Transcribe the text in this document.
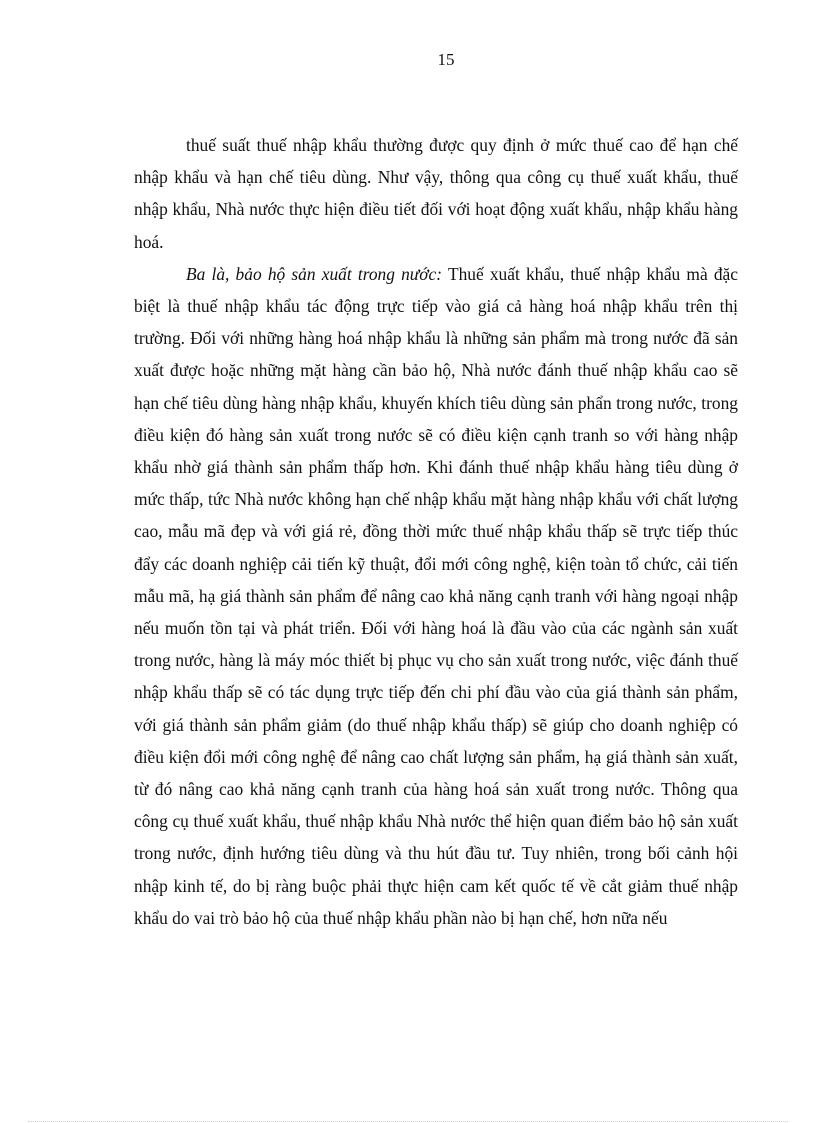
15

thuế suất thuế nhập khẩu thường được quy định ở mức thuế cao để hạn chế nhập khẩu và hạn chế tiêu dùng. Như vậy, thông qua công cụ thuế xuất khẩu, thuế nhập khẩu, Nhà nước thực hiện điều tiết đối với hoạt động xuất khẩu, nhập khẩu hàng hoá.

Ba là, bảo hộ sản xuất trong nước: Thuế xuất khẩu, thuế nhập khẩu mà đặc biệt là thuế nhập khẩu tác động trực tiếp vào giá cả hàng hoá nhập khẩu trên thị trường. Đối với những hàng hoá nhập khẩu là những sản phẩm mà trong nước đã sản xuất được hoặc những mặt hàng cần bảo hộ, Nhà nước đánh thuế nhập khẩu cao sẽ hạn chế tiêu dùng hàng nhập khẩu, khuyến khích tiêu dùng sản phẩn trong nước, trong điều kiện đó hàng sản xuất trong nước sẽ có điều kiện cạnh tranh so với hàng nhập khẩu nhờ giá thành sản phẩm thấp hơn. Khi đánh thuế nhập khẩu hàng tiêu dùng ở mức thấp, tức Nhà nước không hạn chế nhập khẩu mặt hàng nhập khẩu với chất lượng cao, mẫu mã đẹp và với giá rẻ, đồng thời mức thuế nhập khẩu thấp sẽ trực tiếp thúc đẩy các doanh nghiệp cải tiến kỹ thuật, đổi mới công nghệ, kiện toàn tổ chức, cải tiến mẫu mã, hạ giá thành sản phẩm để nâng cao khả năng cạnh tranh với hàng ngoại nhập nếu muốn tồn tại và phát triển. Đối với hàng hoá là đầu vào của các ngành sản xuất trong nước, hàng là máy móc thiết bị phục vụ cho sản xuất trong nước, việc đánh thuế nhập khẩu thấp sẽ có tác dụng trực tiếp đến chi phí đầu vào của giá thành sản phẩm, với giá thành sản phẩm giảm (do thuế nhập khẩu thấp) sẽ giúp cho doanh nghiệp có điều kiện đổi mới công nghệ để nâng cao chất lượng sản phẩm, hạ giá thành sản xuất, từ đó nâng cao khả năng cạnh tranh của hàng hoá sản xuất trong nước. Thông qua công cụ thuế xuất khẩu, thuế nhập khẩu Nhà nước thể hiện quan điểm bảo hộ sản xuất trong nước, định hướng tiêu dùng và thu hút đầu tư. Tuy nhiên, trong bối cảnh hội nhập kinh tế, do bị ràng buộc phải thực hiện cam kết quốc tế về cắt giảm thuế nhập khẩu do vai trò bảo hộ của thuế nhập khẩu phần nào bị hạn chế, hơn nữa nếu
